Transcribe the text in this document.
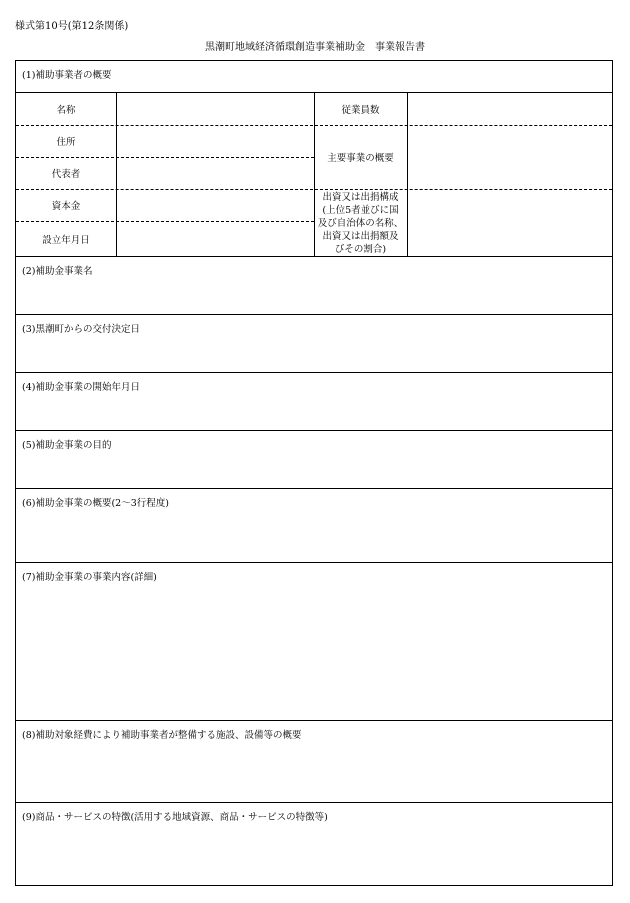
様式第10号(第12条関係)
黒潮町地域経済循環創造事業補助金　事業報告書
(1)補助事業者の概要
名称	従業員数
住所
主要事業の概要
代表者
資本金
出資又は出捐構成
(上位5者並びに国
及び自治体の名称、
出資又は出捐額及
びその割合)
設立年月日
(2)補助金事業名
(3)黒潮町からの交付決定日
(4)補助金事業の開始年月日
(5)補助金事業の目的
(6)補助金事業の概要(2～3行程度)
(7)補助金事業の事業内容(詳細)
(8)補助対象経費により補助事業者が整備する施設、設備等の概要
(9)商品・サービスの特徴(活用する地域資源、商品・サービスの特徴等)
